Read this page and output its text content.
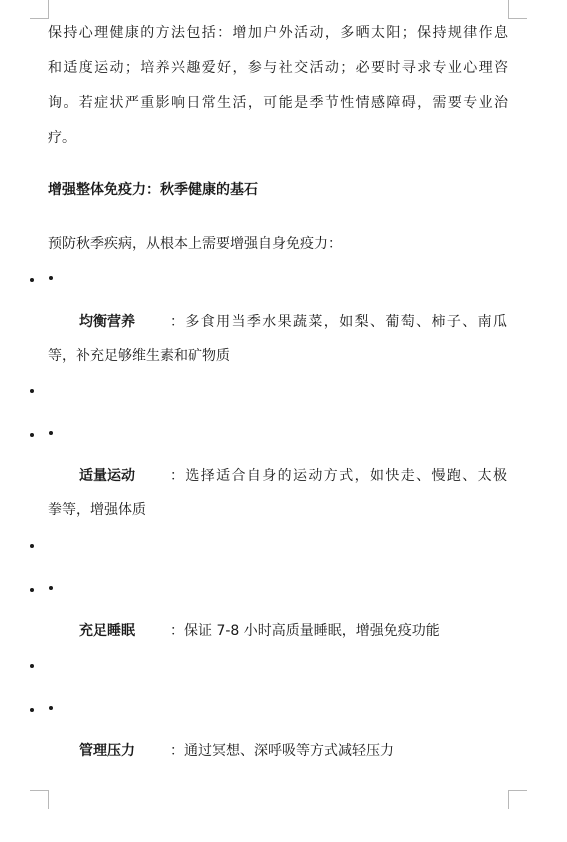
保持心理健康的方法包括：增加户外活动，多晒太阳；保持规律作息
和适度运动；培养兴趣爱好，参与社交活动；必要时寻求专业心理咨
询。若症状严重影响日常生活，可能是季节性情感障碍，需要专业治
疗。
增强整体免疫力：秋季健康的基石
预防秋季疾病，从根本上需要增强自身免疫力：
均衡营养	：多食用当季水果蔬菜，如梨、葡萄、柿子、南瓜
等，补充足够维生素和矿物质
适量运动	：选择适合自身的运动方式，如快走、慢跑、太极
拳等，增强体质
充足睡眠	：保证 7-8 小时高质量睡眠，增强免疫功能
管理压力	：通过冥想、深呼吸等方式减轻压力
